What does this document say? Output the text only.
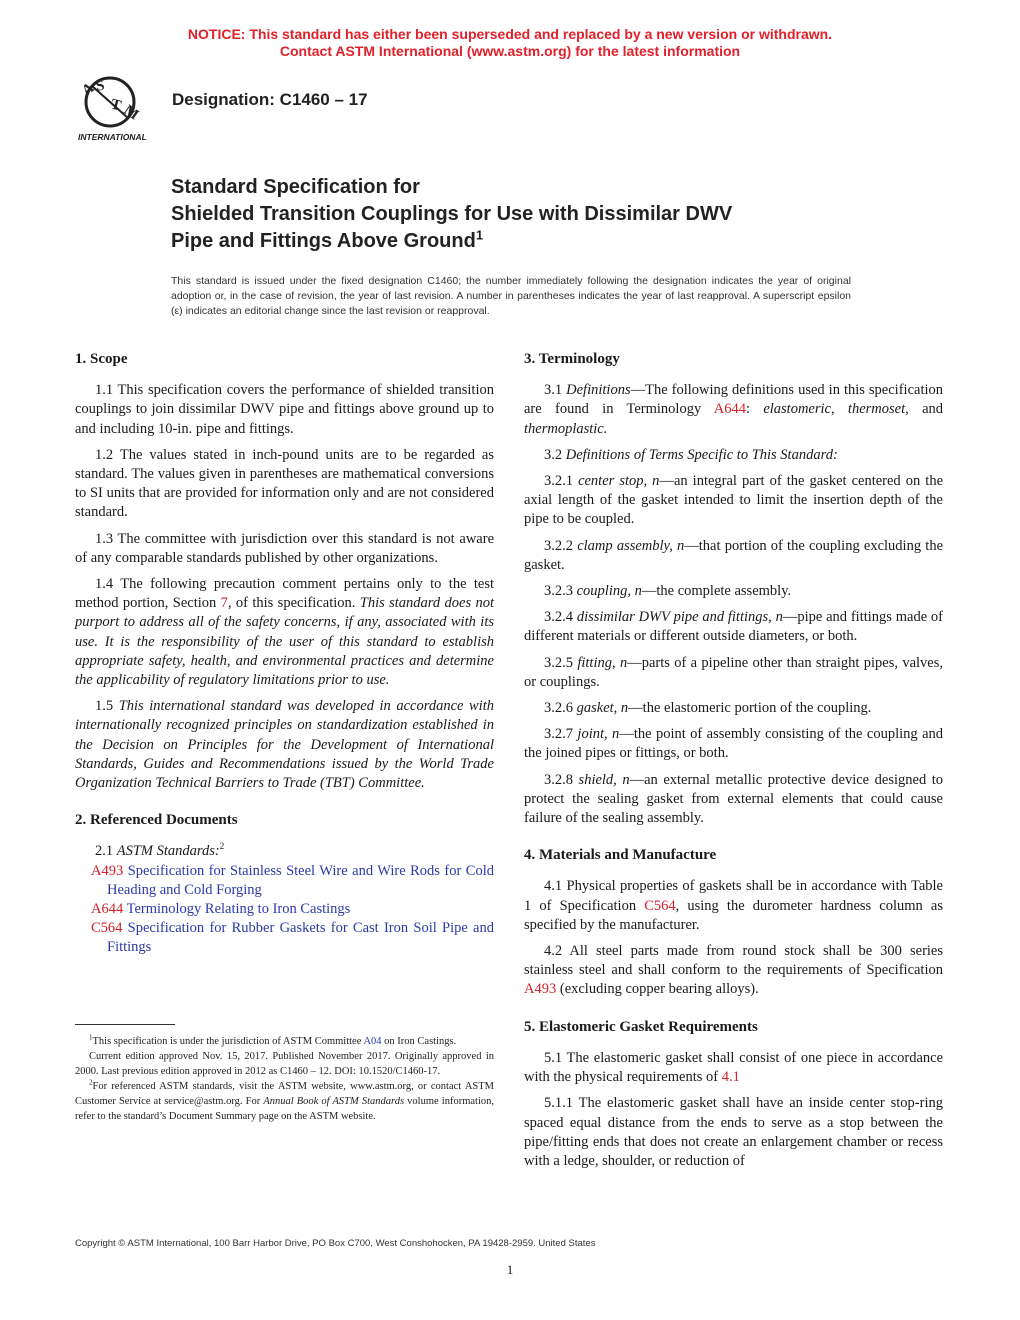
NOTICE: This standard has either been superseded and replaced by a new version or withdrawn.
Contact ASTM International (www.astm.org) for the latest information
A
S
T
M
INTERNATIONAL
Designation: C1460 – 17
Standard Specification for
Shielded Transition Couplings for Use with Dissimilar DWV
Pipe and Fittings Above Ground$^1$
This standard is issued under the fixed designation C1460; the number immediately following the designation indicates the year of original adoption or, in the case of revision, the year of last revision. A number in parentheses indicates the year of last reapproval. A superscript epsilon (ε) indicates an editorial change since the last revision or reapproval.
1. Scope

1.1 This specification covers the performance of shielded transition couplings to join dissimilar DWV pipe and fittings above ground up to and including 10-in. pipe and fittings.

1.2 The values stated in inch-pound units are to be regarded as standard. The values given in parentheses are mathematical conversions to SI units that are provided for information only and are not considered standard.

1.3 The committee with jurisdiction over this standard is not aware of any comparable standards published by other organizations.

1.4 The following precaution comment pertains only to the test method portion, Section 7, of this specification. This standard does not purport to address all of the safety concerns, if any, associated with its use. It is the responsibility of the user of this standard to establish appropriate safety, health, and environmental practices and determine the applicability of regulatory limitations prior to use.

1.5 This international standard was developed in accordance with internationally recognized principles on standardization established in the Decision on Principles for the Development of International Standards, Guides and Recommendations issued by the World Trade Organization Technical Barriers to Trade (TBT) Committee.

2. Referenced Documents

2.1 ASTM Standards:$^2$

A493 Specification for Stainless Steel Wire and Wire Rods for Cold Heading and Cold Forging
A644 Terminology Relating to Iron Castings
C564 Specification for Rubber Gaskets for Cast Iron Soil Pipe and Fittings

$^1$This specification is under the jurisdiction of ASTM Committee A04 on Iron Castings.

Current edition approved Nov. 15, 2017. Published November 2017. Originally approved in 2000. Last previous edition approved in 2012 as C1460 – 12. DOI: 10.1520/C1460-17.

$^2$For referenced ASTM standards, visit the ASTM website, www.astm.org, or contact ASTM Customer Service at service@astm.org. For Annual Book of ASTM Standards volume information, refer to the standard’s Document Summary page on the ASTM website.

3. Terminology

3.1 Definitions—The following definitions used in this specification are found in Terminology A644: elastomeric, thermoset, and thermoplastic.

3.2 Definitions of Terms Specific to This Standard:

3.2.1 center stop, n—an integral part of the gasket centered on the axial length of the gasket intended to limit the insertion depth of the pipe to be coupled.

3.2.2 clamp assembly, n—that portion of the coupling excluding the gasket.

3.2.3 coupling, n—the complete assembly.

3.2.4 dissimilar DWV pipe and fittings, n—pipe and fittings made of different materials or different outside diameters, or both.

3.2.5 fitting, n—parts of a pipeline other than straight pipes, valves, or couplings.

3.2.6 gasket, n—the elastomeric portion of the coupling.

3.2.7 joint, n—the point of assembly consisting of the coupling and the joined pipes or fittings, or both.

3.2.8 shield, n—an external metallic protective device designed to protect the sealing gasket from external elements that could cause failure of the sealing assembly.

4. Materials and Manufacture

4.1 Physical properties of gaskets shall be in accordance with Table 1 of Specification C564, using the durometer hardness column as specified by the manufacturer.

4.2 All steel parts made from round stock shall be 300 series stainless steel and shall conform to the requirements of Specification A493 (excluding copper bearing alloys).

5. Elastomeric Gasket Requirements

5.1 The elastomeric gasket shall consist of one piece in accordance with the physical requirements of 4.1

5.1.1 The elastomeric gasket shall have an inside center stop-ring spaced equal distance from the ends to serve as a stop between the pipe/fitting ends that does not create an enlargement chamber or recess with a ledge, shoulder, or reduction of

Copyright © ASTM International, 100 Barr Harbor Drive, PO Box C700, West Conshohocken, PA 19428-2959. United States
1
